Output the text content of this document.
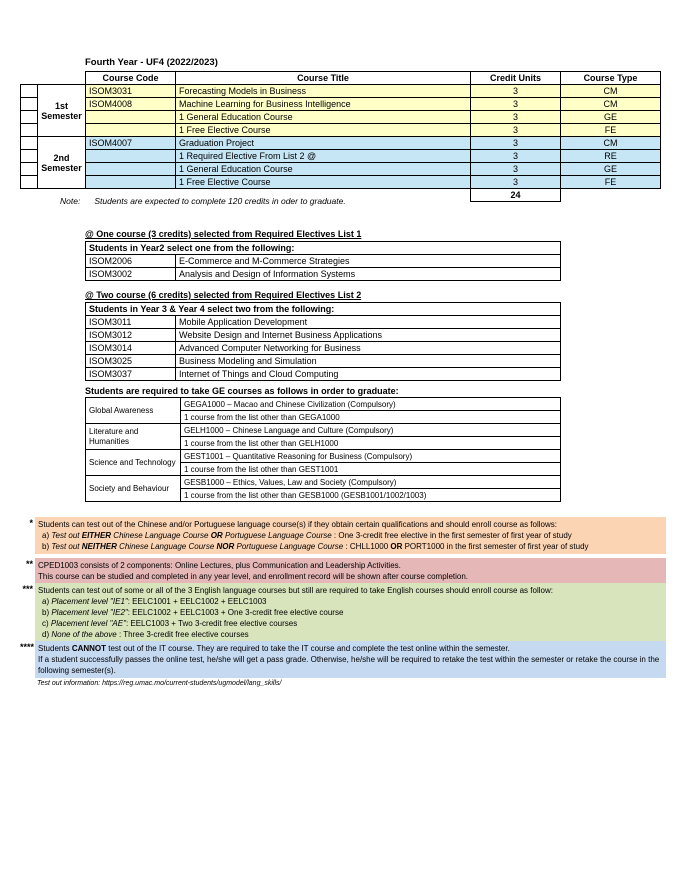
Fourth Year - UF4 (2022/2023)
		Course Code	Course Title	Credit Units	Course Type
	1st Semester	ISOM3031	Forecasting Models in Business	3	CM
		ISOM4008	Machine Learning for Business Intelligence	3	CM
			1 General Education Course	3	GE
			1 Free Elective Course	3	FE
	2nd Semester	ISOM4007	Graduation Project	3	CM
			1 Required Elective From List 2 @	3	RE
			1 General Education Course	3	GE
			1 Free Elective Course	3	FE
				24	
Note: Students are expected to complete 120 credits in oder to graduate.
@ One course (3 credits) selected from Required Electives List 1
Students in Year2 select one from the following:	
ISOM2006	E-Commerce and M-Commerce Strategies
ISOM3002	Analysis and Design of Information Systems
@ Two course (6 credits) selected from Required Electives List 2
Students in Year 3 & Year 4 select two from the following:	
ISOM3011	Mobile Application Development
ISOM3012	Website Design and Internet Business Applications
ISOM3014	Advanced Computer Networking for Business
ISOM3025	Business Modeling and Simulation
ISOM3037	Internet of Things and Cloud Computing
Students are required to take GE courses as follows in order to graduate:
Global Awareness	GEGA1000 – Macao and Chinese Civilization (Compulsory)
	1 course from the list other than GEGA1000
Literature and Humanities	GELH1000 – Chinese Language and Culture (Compulsory)
	1 course from the list other than GELH1000
Science and Technology	GEST1001 – Quantitative Reasoning for Business (Compulsory)
	1 course from the list other than GEST1001
Society and Behaviour	GESB1000 – Ethics, Values, Law and Society (Compulsory)
	1 course from the list other than GESB1000 (GESB1001/1002/1003)
* Students can test out of the Chinese and/or Portuguese language course(s) if they obtain certain qualifications and should enroll course as follows:
a) Test out EITHER Chinese Language Course OR Portuguese Language Course : One 3-credit free elective in the first semester of first year of study
b) Test out NEITHER Chinese Language Course NOR Portuguese Language Course : CHLL1000 OR PORT1000 in the first semester of first year of study
** CPED1003 consists of 2 components: Online Lectures, plus Communication and Leadership Activities.
This course can be studied and completed in any year level, and enrollment record will be shown after course completion.
*** Students can test out of some or all of the 3 English language courses but still are required to take English courses should enroll course as follow:
a) Placement level "IE1": EELC1001 + EELC1002 + EELC1003
b) Placement level "IE2": EELC1002 + EELC1003 + One 3-credit free elective course
c) Placement level "AE": EELC1003 + Two 3-credit free elective courses
d) None of the above : Three 3-credit free elective courses
**** Students CANNOT test out of the IT course. They are required to take the IT course and complete the test online within the semester.
If a student successfully passes the online test, he/she will get a pass grade. Otherwise, he/she will be required to retake the test within the semester or retake the course in the following semester(s).
Test out information: https://reg.umac.mo/current-students/ugmodel/lang_skills/
